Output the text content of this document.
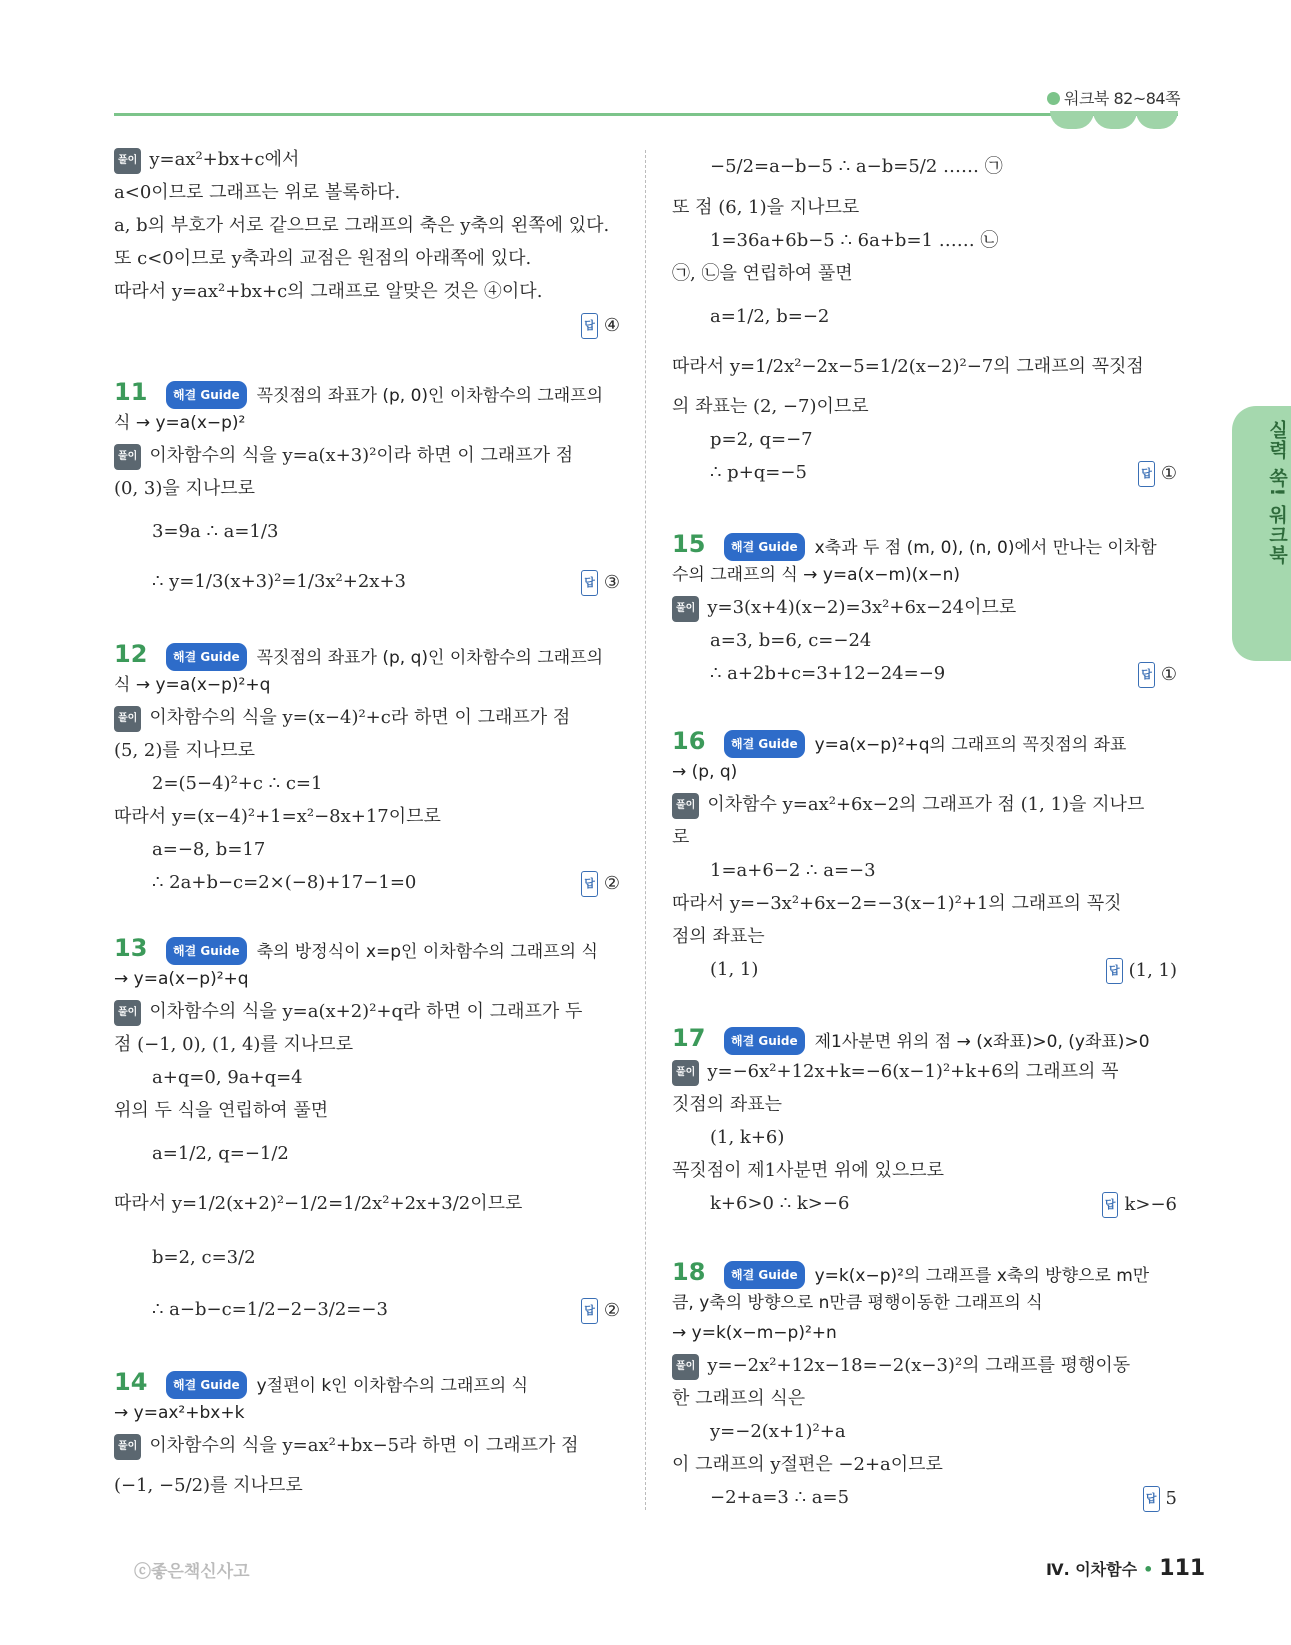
워크북 82~84쪽
실력 쑥! 워크북
풀이 y=ax²+bx+c에서
a<0이므로 그래프는 위로 볼록하다.
a, b의 부호가 서로 같으므로 그래프의 축은 y축의 왼쪽에 있다.
또 c<0이므로 y축과의 교점은 원점의 아래쪽에 있다.
따라서 y=ax²+bx+c의 그래프로 알맞은 것은 ④이다.
답 ④
11	해결 Guide 꼭짓점의 좌표가 (p, 0)인 이차함수의 그래프의
식 → y=a(x−p)²
풀이 이차함수의 식을 y=a(x+3)²이라 하면 이 그래프가 점
(0, 3)을 지나므로
3=9a ∴ a=1/3
∴ y=1/3(x+3)²=1/3x²+2x+3	답 ③
12	해결 Guide 꼭짓점의 좌표가 (p, q)인 이차함수의 그래프의
식 → y=a(x−p)²+q
풀이 이차함수의 식을 y=(x−4)²+c라 하면 이 그래프가 점
(5, 2)를 지나므로
2=(5−4)²+c ∴ c=1
따라서 y=(x−4)²+1=x²−8x+17이므로
a=−8, b=17
∴ 2a+b−c=2×(−8)+17−1=0	답 ②
13	해결 Guide 축의 방정식이 x=p인 이차함수의 그래프의 식
→ y=a(x−p)²+q
풀이 이차함수의 식을 y=a(x+2)²+q라 하면 이 그래프가 두
점 (−1, 0), (1, 4)를 지나므로
a+q=0, 9a+q=4
위의 두 식을 연립하여 풀면
a=1/2, q=−1/2
따라서 y=1/2(x+2)²−1/2=1/2x²+2x+3/2이므로
b=2, c=3/2
∴ a−b−c=1/2−2−3/2=−3	답 ②
14	해결 Guide y절편이 k인 이차함수의 그래프의 식
→ y=ax²+bx+k
풀이 이차함수의 식을 y=ax²+bx−5라 하면 이 그래프가 점
(−1, −5/2)를 지나므로
−5/2=a−b−5 ∴ a−b=5/2 …… ㉠
또 점 (6, 1)을 지나므로
1=36a+6b−5 ∴ 6a+b=1 …… ㉡
㉠, ㉡을 연립하여 풀면
a=1/2, b=−2
따라서 y=1/2x²−2x−5=1/2(x−2)²−7의 그래프의 꼭짓점
의 좌표는 (2, −7)이므로
p=2, q=−7
∴ p+q=−5	답 ①
15	해결 Guide x축과 두 점 (m, 0), (n, 0)에서 만나는 이차함
수의 그래프의 식 → y=a(x−m)(x−n)
풀이 y=3(x+4)(x−2)=3x²+6x−24이므로
a=3, b=6, c=−24
∴ a+2b+c=3+12−24=−9	답 ①
16	해결 Guide y=a(x−p)²+q의 그래프의 꼭짓점의 좌표
→ (p, q)
풀이 이차함수 y=ax²+6x−2의 그래프가 점 (1, 1)을 지나므
로
1=a+6−2 ∴ a=−3
따라서 y=−3x²+6x−2=−3(x−1)²+1의 그래프의 꼭짓
점의 좌표는
(1, 1)	답 (1, 1)
17	해결 Guide 제1사분면 위의 점 → (x좌표)>0, (y좌표)>0
풀이 y=−6x²+12x+k=−6(x−1)²+k+6의 그래프의 꼭
짓점의 좌표는
(1, k+6)
꼭짓점이 제1사분면 위에 있으므로
k+6>0 ∴ k>−6	답 k>−6
18	해결 Guide y=k(x−p)²의 그래프를 x축의 방향으로 m만
큼, y축의 방향으로 n만큼 평행이동한 그래프의 식
→ y=k(x−m−p)²+n
풀이 y=−2x²+12x−18=−2(x−3)²의 그래프를 평행이동
한 그래프의 식은
y=−2(x+1)²+a
이 그래프의 y절편은 −2+a이므로
−2+a=3 ∴ a=5	답 5
ⓒ좋은책신사고	Ⅳ. 이차함수 • 111
